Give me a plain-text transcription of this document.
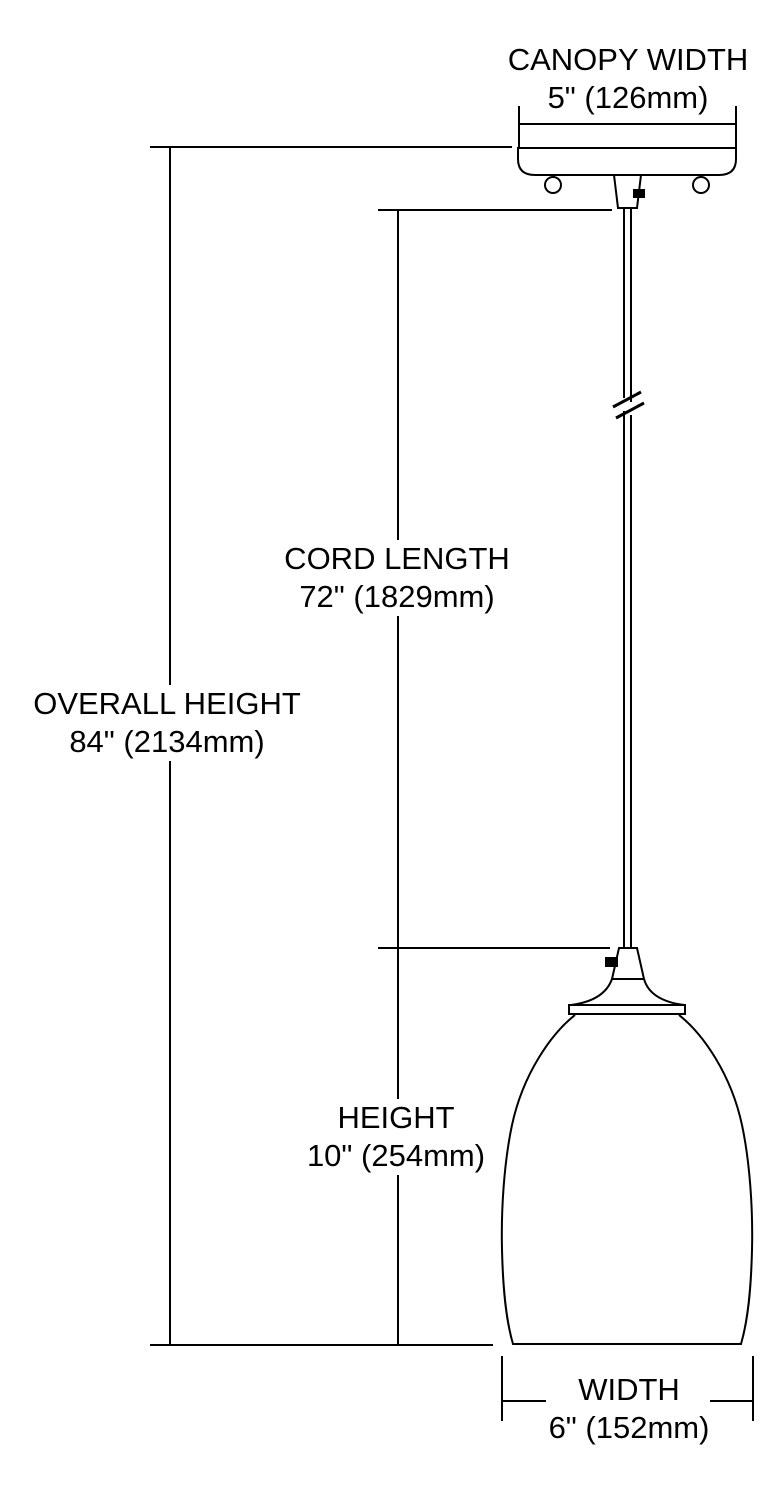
CANOPY WIDTH
5" (126mm)
CORD LENGTH
72" (1829mm)
OVERALL HEIGHT
84" (2134mm)
HEIGHT
10" (254mm)
WIDTH
6" (152mm)
